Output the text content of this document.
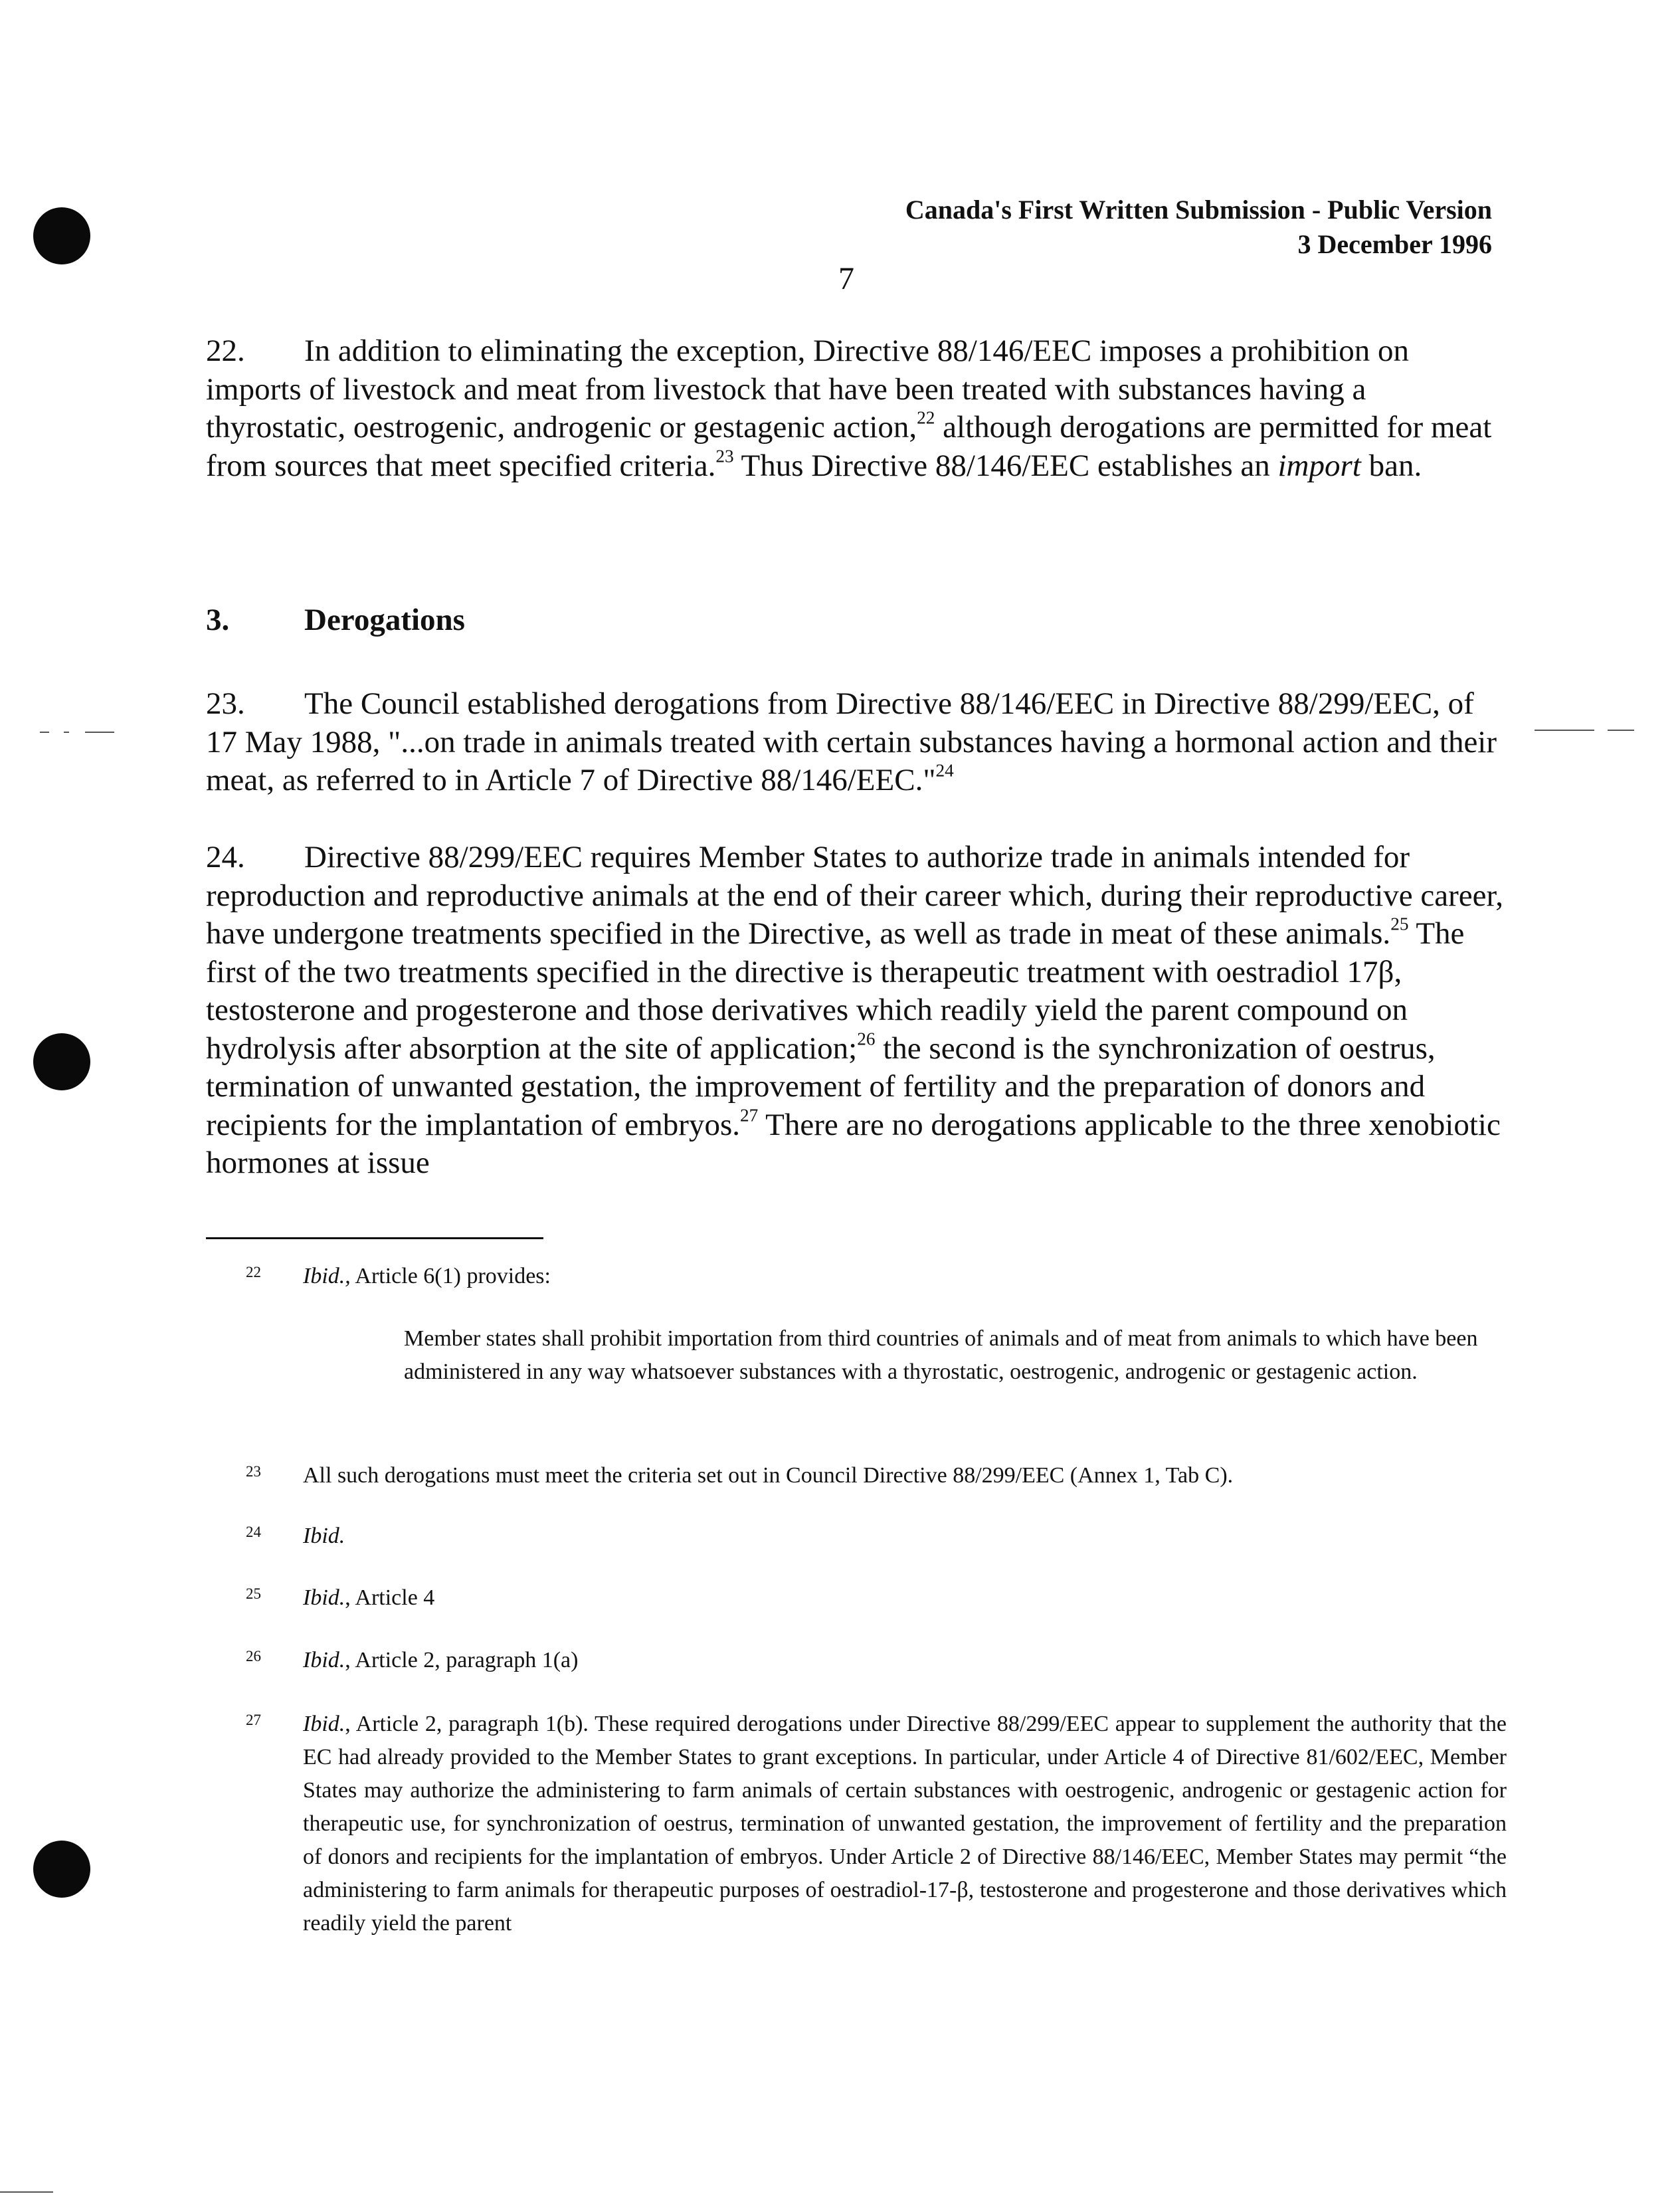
Canada's First Written Submission - Public Version
3 December 1996
7

22. In addition to eliminating the exception, Directive 88/146/EEC imposes a prohibition on imports of livestock and meat from livestock that have been treated with substances having a thyrostatic, oestrogenic, androgenic or gestagenic action,$^{22}$ although derogations are permitted for meat from sources that meet specified criteria.$^{23}$ Thus Directive 88/146/EEC establishes an import ban.

3. Derogations

23. The Council established derogations from Directive 88/146/EEC in Directive 88/299/EEC, of 17 May 1988, "...on trade in animals treated with certain substances having a hormonal action and their meat, as referred to in Article 7 of Directive 88/146/EEC."$^{24}$

24. Directive 88/299/EEC requires Member States to authorize trade in animals intended for reproduction and reproductive animals at the end of their career which, during their reproductive career, have undergone treatments specified in the Directive, as well as trade in meat of these animals.$^{25}$ The first of the two treatments specified in the directive is therapeutic treatment with oestradiol 17β, testosterone and progesterone and those derivatives which readily yield the parent compound on hydrolysis after absorption at the site of application;$^{26}$ the second is the synchronization of oestrus, termination of unwanted gestation, the improvement of fertility and the preparation of donors and recipients for the implantation of embryos.$^{27}$ There are no derogations applicable to the three xenobiotic hormones at issue

22 Ibid., Article 6(1) provides:
Member states shall prohibit importation from third countries of animals and of meat from animals to which have been administered in any way whatsoever substances with a thyrostatic, oestrogenic, androgenic or gestagenic action.
23 All such derogations must meet the criteria set out in Council Directive 88/299/EEC (Annex 1, Tab C).
24 Ibid.
25 Ibid., Article 4
26 Ibid., Article 2, paragraph 1(a)
27 Ibid., Article 2, paragraph 1(b). These required derogations under Directive 88/299/EEC appear to supplement the authority that the EC had already provided to the Member States to grant exceptions. In particular, under Article 4 of Directive 81/602/EEC, Member States may authorize the administering to farm animals of certain substances with oestrogenic, androgenic or gestagenic action for therapeutic use, for synchronization of oestrus, termination of unwanted gestation, the improvement of fertility and the preparation of donors and recipients for the implantation of embryos. Under Article 2 of Directive 88/146/EEC, Member States may permit “the administering to farm animals for therapeutic purposes of oestradiol-17-β, testosterone and progesterone and those derivatives which readily yield the parent
